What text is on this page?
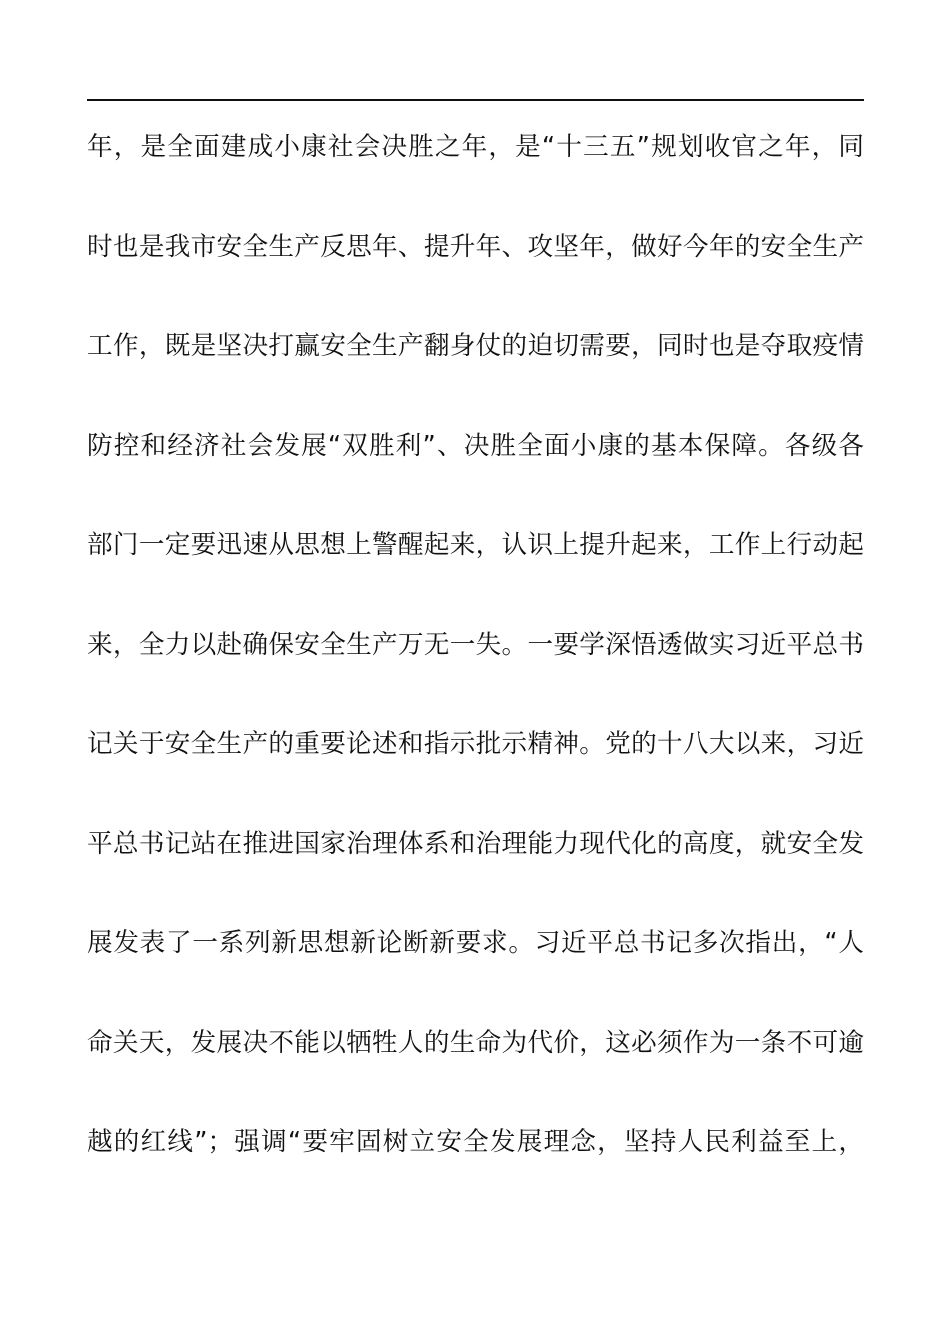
年，是全面建成小康社会决胜之年，是“十三五”规划收官之年，同
时也是我市安全生产反思年、提升年、攻坚年，做好今年的安全生产
工作，既是坚决打赢安全生产翻身仗的迫切需要，同时也是夺取疫情
防控和经济社会发展“双胜利”、决胜全面小康的基本保障。各级各
部门一定要迅速从思想上警醒起来，认识上提升起来，工作上行动起
来，全力以赴确保安全生产万无一失。一要学深悟透做实习近平总书
记关于安全生产的重要论述和指示批示精神。党的十八大以来，习近
平总书记站在推进国家治理体系和治理能力现代化的高度，就安全发
展发表了一系列新思想新论断新要求。习近平总书记多次指出，“人
命关天，发展决不能以牺牲人的生命为代价，这必须作为一条不可逾
越的红线”；强调“要牢固树立安全发展理念，坚持人民利益至上，
